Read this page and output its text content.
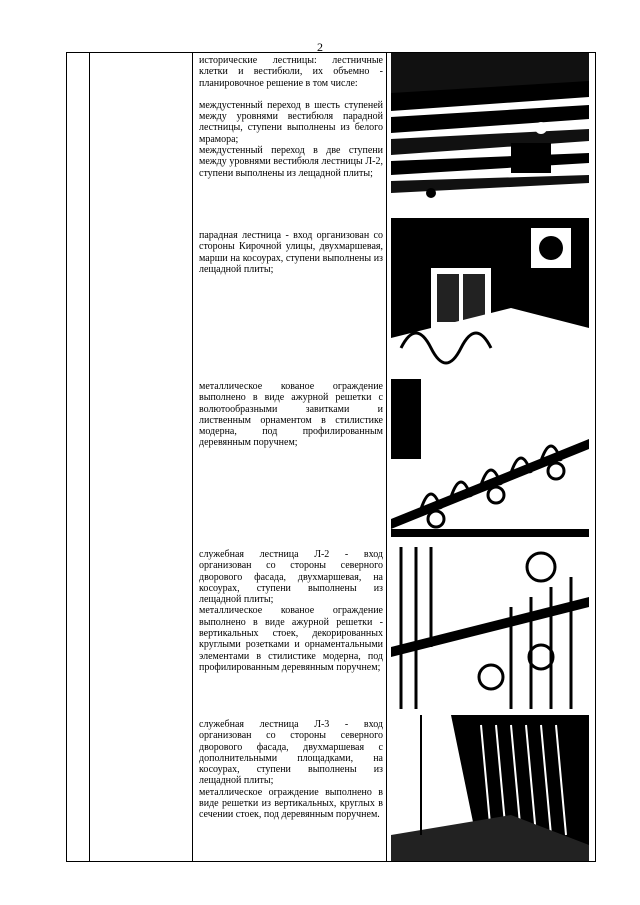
2

исторические лестницы: лестничные клетки и вестибюли, их объемно - планировочное решение в том числе:

междустенный переход в шесть ступеней между уровнями вестибюля парадной лестницы, ступени выполнены из белого мрамора;

междустенный переход в две ступени между уровнями вестибюля лестницы Л-2, ступени выполнены из лещадной плиты;

парадная лестница - вход организован со стороны Кирочной улицы, двухмаршевая, марши на косоурах, ступени выполнены из лещадной плиты;

металлическое кованое ограждение выполнено в виде ажурной решетки с волютообразными завитками и лиственным орнаментом в стилистике модерна, под профилированным деревянным поручнем;

служебная лестница Л-2 - вход организован со стороны северного дворового фасада, двухмаршевая, на косоурах, ступени выполнены из лещадной плиты;

металлическое кованое ограждение выполнено в виде ажурной решетки - вертикальных стоек, декорированных круглыми розетками и орнаментальными элементами в стилистике модерна, под профилированным деревянным поручнем;

служебная лестница Л-3 - вход организован со стороны северного дворового фасада, двухмаршевая с дополнительными площадками, на косоурах, ступени выполнены из лещадной плиты;

металлическое ограждение выполнено в виде решетки из вертикальных, круглых в сечении стоек, под деревянным поручнем.
